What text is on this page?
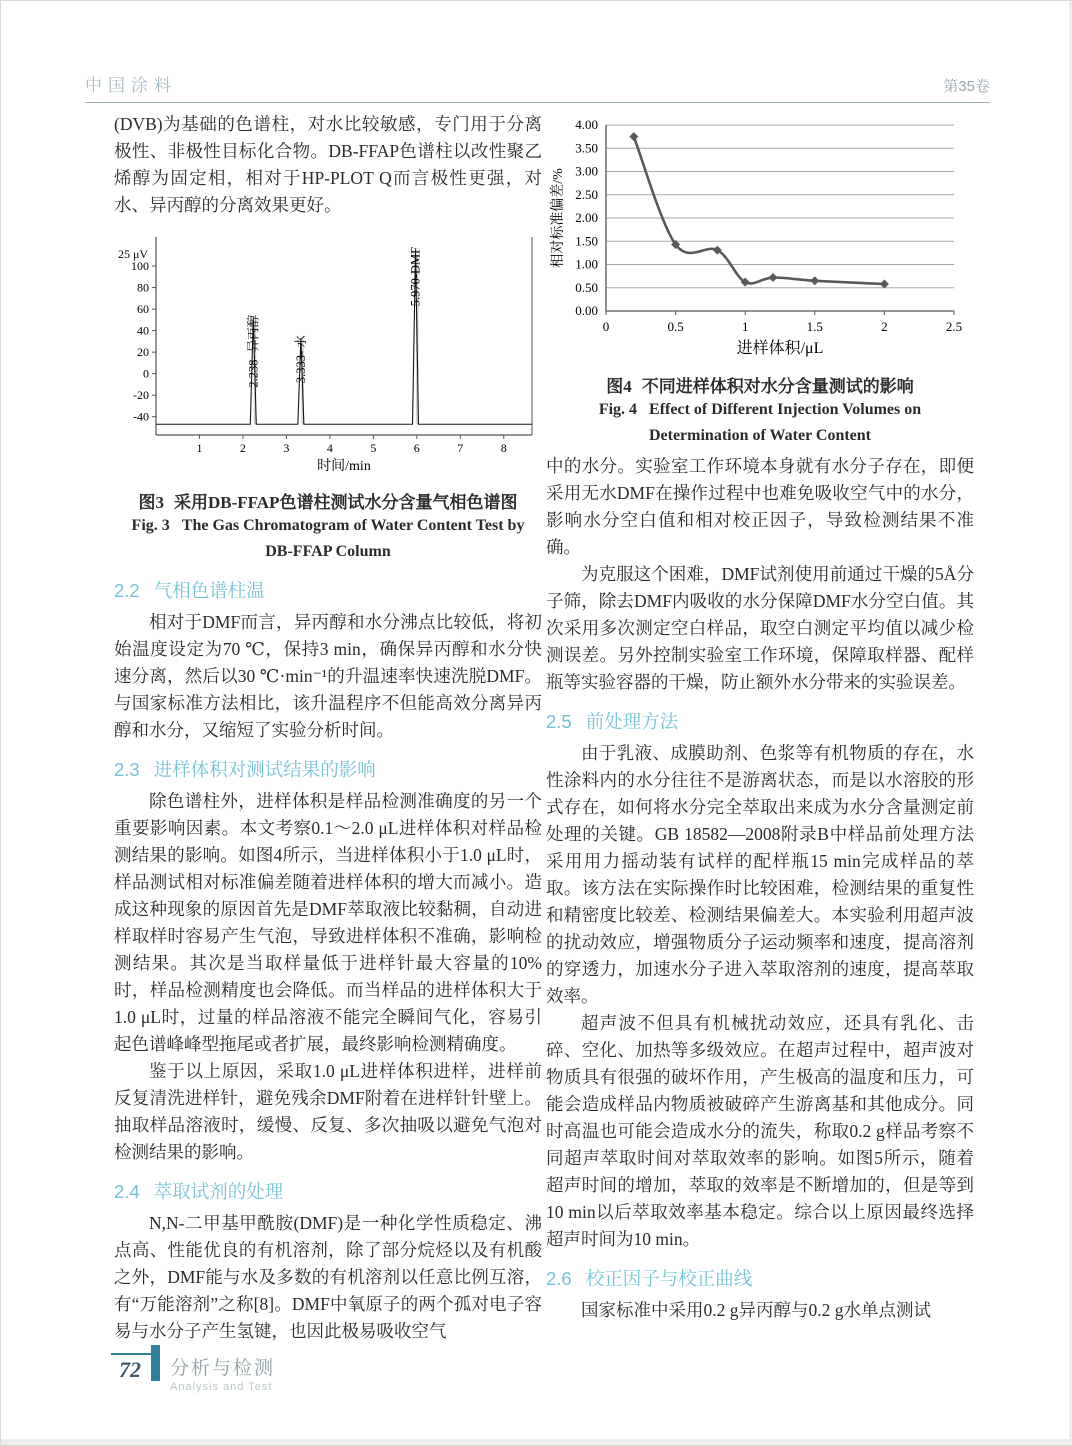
中国涂料	第35卷

(DVB)为基础的色谱柱，对水比较敏感，专门用于分离极性、非极性目标化合物。DB-FFAP色谱柱以改性聚乙烯醇为固定相，相对于HP-PLOT Q而言极性更强，对水、异丙醇的分离效果更好。

-40
-20
0
20
40
60
80
100
25 μV
1	2	3	4	5	6	7	8
时间/min
2.238- 异丙醇	3.333- 水
5.970-DMF
图3 采用DB-FFAP色谱柱测试水分含量气相色谱图
Fig. 3 The Gas Chromatogram of Water Content Test by
DB-FFAP Column
2.2 气相色谱柱温

相对于DMF而言，异丙醇和水分沸点比较低，将初始温度设定为70 ℃，保持3 min，确保异丙醇和水分快速分离，然后以30 ℃·min⁻¹的升温速率快速洗脱DMF。与国家标准方法相比，该升温程序不但能高效分离异丙醇和水分，又缩短了实验分析时间。

2.3 进样体积对测试结果的影响

除色谱柱外，进样体积是样品检测准确度的另一个重要影响因素。本文考察0.1～2.0 μL进样体积对样品检测结果的影响。如图4所示，当进样体积小于1.0 μL时，样品测试相对标准偏差随着进样体积的增大而减小。造成这种现象的原因首先是DMF萃取液比较黏稠，自动进样取样时容易产生气泡，导致进样体积不准确，影响检测结果。其次是当取样量低于进样针最大容量的10%时，样品检测精度也会降低。而当样品的进样体积大于1.0 μL时，过量的样品溶液不能完全瞬间气化，容易引起色谱峰峰型拖尾或者扩展，最终影响检测精确度。

鉴于以上原因，采取1.0 μL进样体积进样，进样前反复清洗进样针，避免残余DMF附着在进样针针壁上。抽取样品溶液时，缓慢、反复、多次抽吸以避免气泡对检测结果的影响。

2.4 萃取试剂的处理

N,N-二甲基甲酰胺(DMF)是一种化学性质稳定、沸点高、性能优良的有机溶剂，除了部分烷烃以及有机酸之外，DMF能与水及多数的有机溶剂以任意比例互溶，有“万能溶剂”之称[8]。DMF中氧原子的两个孤对电子容易与水分子产生氢键，也因此极易吸收空气

0.00
0.50
1.00
1.50
2.00
2.50
3.00
3.50
4.00
0	0.5	1	1.5	2	2.5
进样体积/μL
相对标准偏差/%
图4 不同进样体积对水分含量测试的影响
Fig. 4 Effect of Different Injection Volumes on
Determination of Water Content

中的水分。实验室工作环境本身就有水分子存在，即便采用无水DMF在操作过程中也难免吸收空气中的水分，影响水分空白值和相对校正因子，导致检测结果不准确。

为克服这个困难，DMF试剂使用前通过干燥的5Å分子筛，除去DMF内吸收的水分保障DMF水分空白值。其次采用多次测定空白样品，取空白测定平均值以减少检测误差。另外控制实验室工作环境，保障取样器、配样瓶等实验容器的干燥，防止额外水分带来的实验误差。

2.5 前处理方法

由于乳液、成膜助剂、色浆等有机物质的存在，水性涂料内的水分往往不是游离状态，而是以水溶胶的形式存在，如何将水分完全萃取出来成为水分含量测定前处理的关键。GB 18582—2008附录B中样品前处理方法采用用力摇动装有试样的配样瓶15 min完成样品的萃取。该方法在实际操作时比较困难，检测结果的重复性和精密度比较差、检测结果偏差大。本实验利用超声波的扰动效应，增强物质分子运动频率和速度，提高溶剂的穿透力，加速水分子进入萃取溶剂的速度，提高萃取效率。

超声波不但具有机械扰动效应，还具有乳化、击碎、空化、加热等多级效应。在超声过程中，超声波对物质具有很强的破坏作用，产生极高的温度和压力，可能会造成样品内物质被破碎产生游离基和其他成分。同时高温也可能会造成水分的流失，称取0.2 g样品考察不同超声萃取时间对萃取效率的影响。如图5所示，随着超声时间的增加，萃取的效率是不断增加的，但是等到10 min以后萃取效率基本稳定。综合以上原因最终选择超声时间为10 min。

2.6 校正因子与校正曲线

国家标准中采用0.2 g异丙醇与0.2 g水单点测试

72	分析与检测
Analysis and Test
